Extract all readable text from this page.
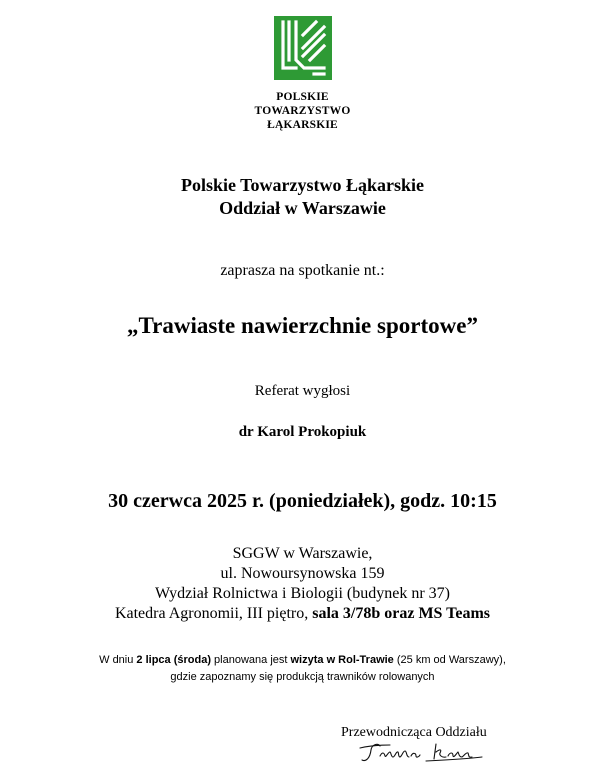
POLSKIE
TOWARZYSTWO
ŁĄKARSKIE
Polskie Towarzystwo Łąkarskie
Oddział w Warszawie
zaprasza na spotkanie nt.:
„Trawiaste nawierzchnie sportowe”
Referat wygłosi
dr Karol Prokopiuk
30 czerwca 2025 r. (poniedziałek), godz. 10:15
SGGW w Warszawie,
ul. Nowoursynowska 159
Wydział Rolnictwa i Biologii (budynek nr 37)
Katedra Agronomii, III piętro, sala 3/78b oraz MS Teams
W dniu 2 lipca (środa) planowana jest wizyta w Rol-Trawie (25 km od Warszawy),
gdzie zapoznamy się produkcją trawników rolowanych
Przewodnicząca Oddziału
